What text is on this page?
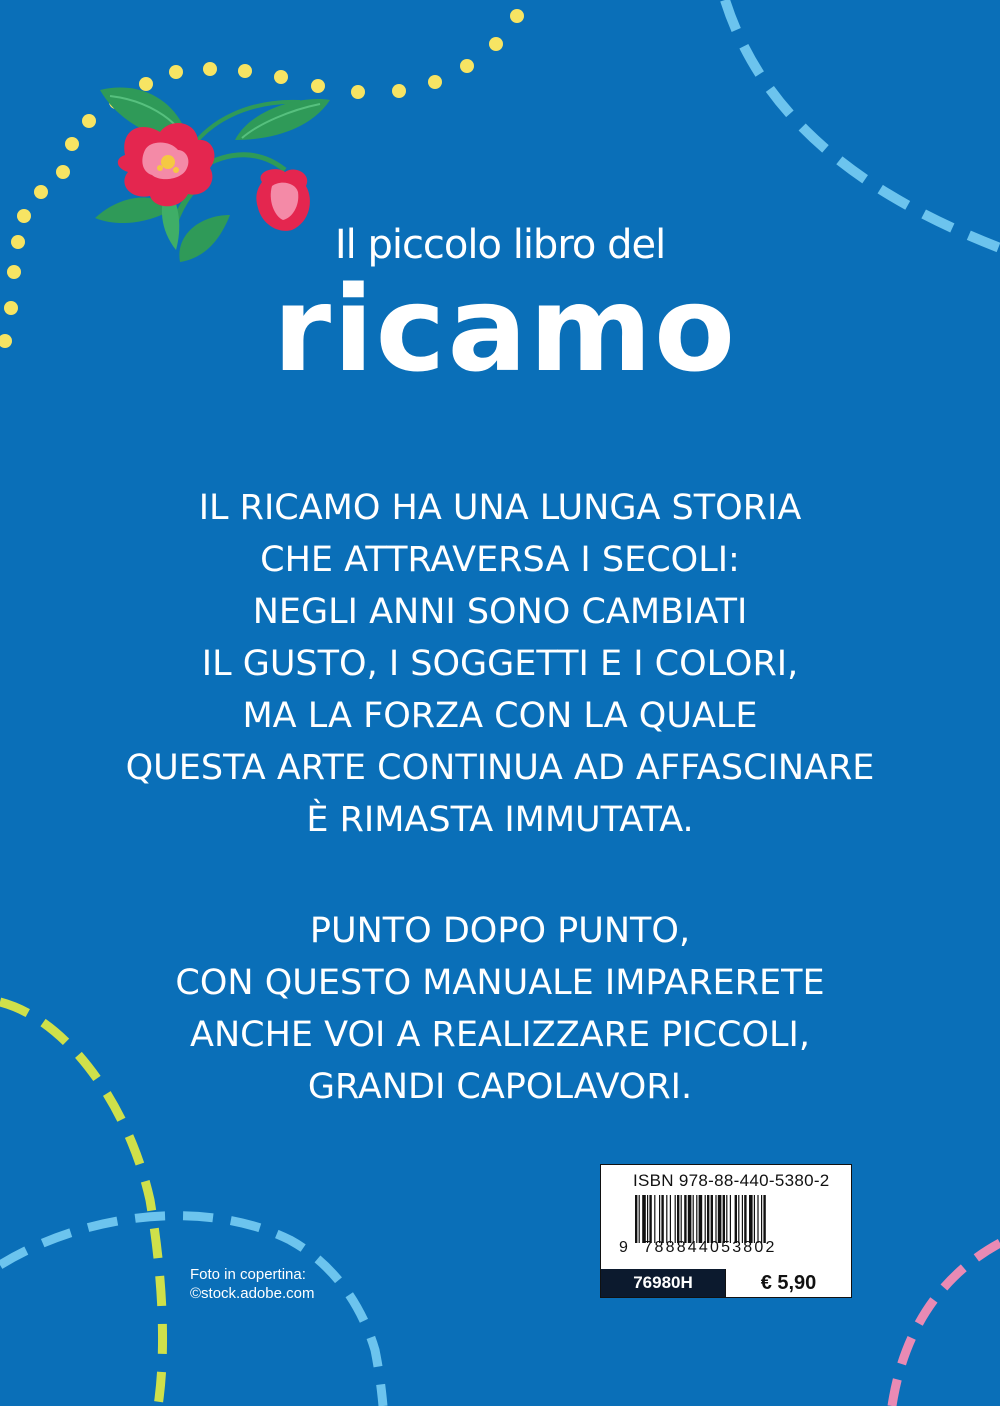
Il piccolo libro del
ricamo
IL RICAMO HA UNA LUNGA STORIA
CHE ATTRAVERSA I SECOLI:
NEGLI ANNI SONO CAMBIATI
IL GUSTO, I SOGGETTI E I COLORI,
MA LA FORZA CON LA QUALE
QUESTA ARTE CONTINUA AD AFFASCINARE
È RIMASTA IMMUTATA.
PUNTO DOPO PUNTO,
CON QUESTO MANUALE IMPARERETE
ANCHE VOI A REALIZZARE PICCOLI,
GRANDI CAPOLAVORI.
Foto in copertina:
©stock.adobe.com
ISBN 978-88-440-5380-2
9 788844053802
76980H	€ 5,90
